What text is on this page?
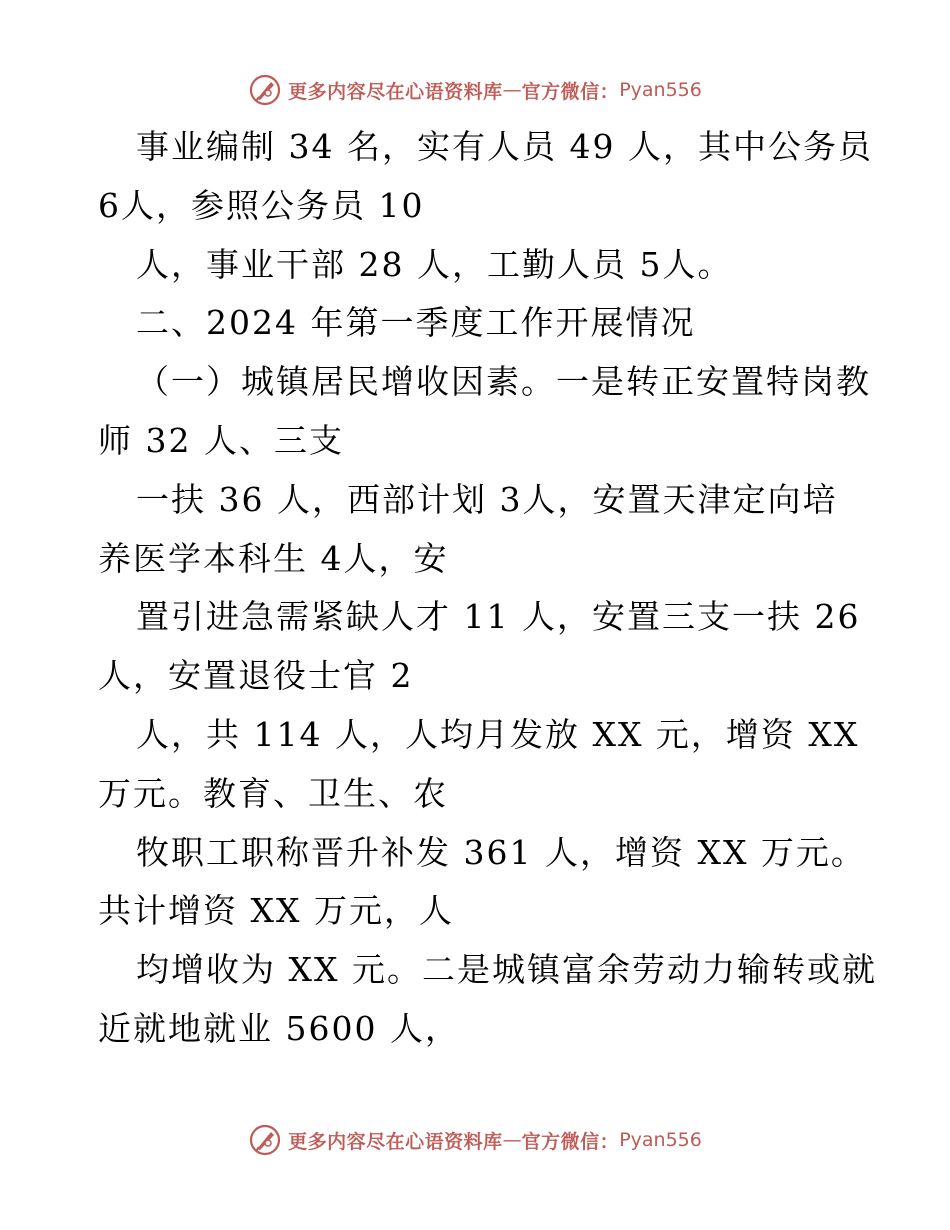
更多内容尽在心语资料库 — 官方微信： Pyan556
事业编制 34 名，实有人员 49 人，其中公务员
6人，参照公务员 10
人，事业干部 28 人，工勤人员 5人。
二、2024 年第一季度工作开展情况
（一）城镇居民增收因素。一是转正安置特岗教
师 32 人、三支
一扶 36 人，西部计划 3人，安置天津定向培
养医学本科生 4人，安
置引进急需紧缺人才 11 人，安置三支一扶 26
人，安置退役士官 2
人，共 114 人，人均月发放 XX 元，增资 XX
万元。教育、卫生、农
牧职工职称晋升补发 361 人，增资 XX 万元。
共计增资 XX 万元，人
均增收为 XX 元。二是城镇富余劳动力输转或就
近就地就业 5600 人，
更多内容尽在心语资料库 — 官方微信： Pyan556
